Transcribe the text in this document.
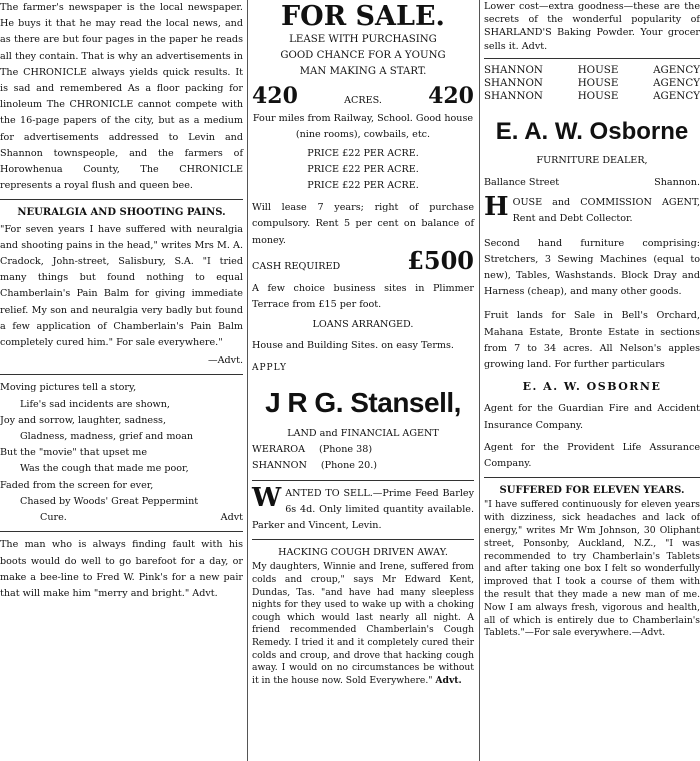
The farmer's newspaper is the local newspaper. He buys it that he may read the local news, and as there are but four pages in the paper he reads all they contain. That is why an advertisements in The CHRONICLE always yields quick results. It is sad and remembered As a floor packing for linoleum The CHRONICLE cannot compete with the 16-page papers of the city, but as a medium for advertisements addressed to Levin and Shannon townspeople, and the farmers of Horowhenua County, The CHRONICLE represents a royal flush and queen bee.

NEURALGIA AND SHOOTING PAINS.

"For seven years I have suffered with neuralgia and shooting pains in the head," writes Mrs M. A. Cradock, John-street, Salisbury, S.A. "I tried many things but found nothing to equal Chamberlain's Pain Balm for giving immediate relief. My son and neuralgia very badly but found a few application of Chamberlain's Pain Balm completely cured him." For sale everywhere."

—Advt.
Moving pictures tell a story,
Life's sad incidents are shown,
Joy and sorrow, laughter, sadness,
Gladness, madness, grief and moan
But the "movie" that upset me
Was the cough that made me poor,
Faded from the screen for ever,
Chased by Woods' Great Peppermint
Cure.	Advt

The man who is always finding fault with his boots would do well to go barefoot for a day, or make a bee-line to Fred W. Pink's for a new pair that will make him "merry and bright." Advt.

FOR SALE.
LEASE WITH PURCHASING
GOOD CHANCE FOR A YOUNG
MAN MAKING A START.
420	ACRES. 420

Four miles from Railway, School. Good house (nine rooms), cowbails, etc.

PRICE £22 PER ACRE.
PRICE £22 PER ACRE.
PRICE £22 PER ACRE.

Will lease 7 years; right of purchase compulsory. Rent 5 per cent on balance of money.

CASH REQUIRED	£500

A few choice business sites in Plimmer Terrace from £15 per foot.

LOANS ARRANGED.

House and Building Sites. on easy Terms.

APPLY
J R G. Stansell,
LAND and FINANCIAL AGENT
WERAROA (Phone 38)
SHANNON (Phone 20.)

WANTED TO SELL.—Prime Feed Barley 6s 4d. Only limited quantity available. Parker and Vincent, Levin.

HACKING COUGH DRIVEN AWAY.

My daughters, Winnie and Irene, suffered from colds and croup," says Mr Edward Kent, Dundas, Tas. "and have had many sleepless nights for they used to wake up with a choking cough which would last nearly all night. A friend recommended Chamberlain's Cough Remedy. I tried it and it completely cured their colds and croup, and drove that hacking cough away. I would on no circumstances be without it in the house now. Sold Everywhere." Advt.

Lower cost—extra goodness—these are the secrets of the wonderful popularity of SHARLAND'S Baking Powder. Your grocer sells it. Advt.

SHANNON	HOUSE	AGENCY
SHANNON	HOUSE	AGENCY
SHANNON	HOUSE	AGENCY
E. A. W. Osborne
FURNITURE DEALER,
Ballance Street	Shannon.

HOUSE and COMMISSION AGENT, Rent and Debt Collector.

Second hand furniture comprising: Stretchers, 3 Sewing Machines (equal to new), Tables, Washstands. Block Dray and Harness (cheap), and many other goods.

Fruit lands for Sale in Bell's Orchard, Mahana Estate, Bronte Estate in sections from 7 to 34 acres. All Nelson's apples growing land. For further particulars

E. A. W. OSBORNE

Agent for the Guardian Fire and Accident Insurance Company.

Agent for the Provident Life Assurance Company.

SUFFERED FOR ELEVEN YEARS.

"I have suffered continuously for eleven years with dizziness, sick headaches and lack of energy," writes Mr Wm Johnson, 30 Oliphant street, Ponsonby, Auckland, N.Z., "I was recommended to try Chamberlain's Tablets and after taking one box I felt so wonderfully improved that I took a course of them with the result that they made a new man of me. Now I am always fresh, vigorous and health, all of which is entirely due to Chamberlain's Tablets."—For sale everywhere.—Advt.
